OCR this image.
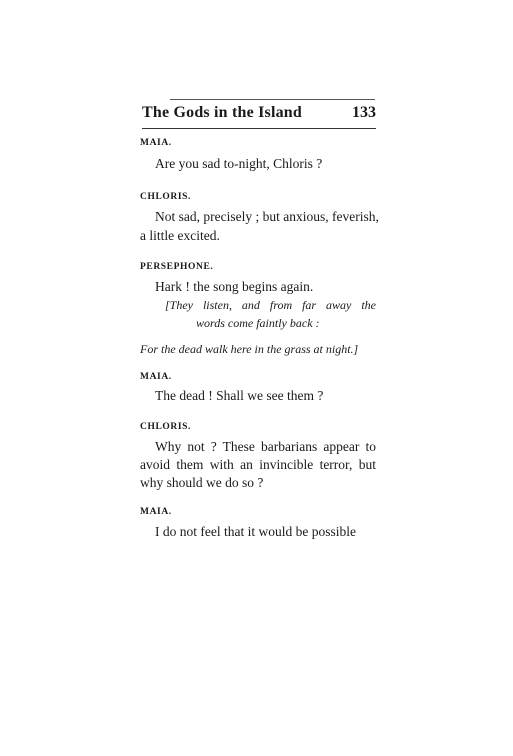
The Gods in the Island	133
MAIA.
Are you sad to-night, Chloris ?
CHLORIS.
Not sad, precisely ; but anxious, feverish,
a little excited.
PERSEPHONE.
Hark ! the song begins again.
[They listen, and from far away the
words come faintly back :
For the dead walk here in the grass at night.]
MAIA.
The dead ! Shall we see them ?
CHLORIS.
Why not ? These barbarians appear to
avoid them with an invincible terror, but
why should we do so ?
MAIA.
I do not feel that it would be possible
